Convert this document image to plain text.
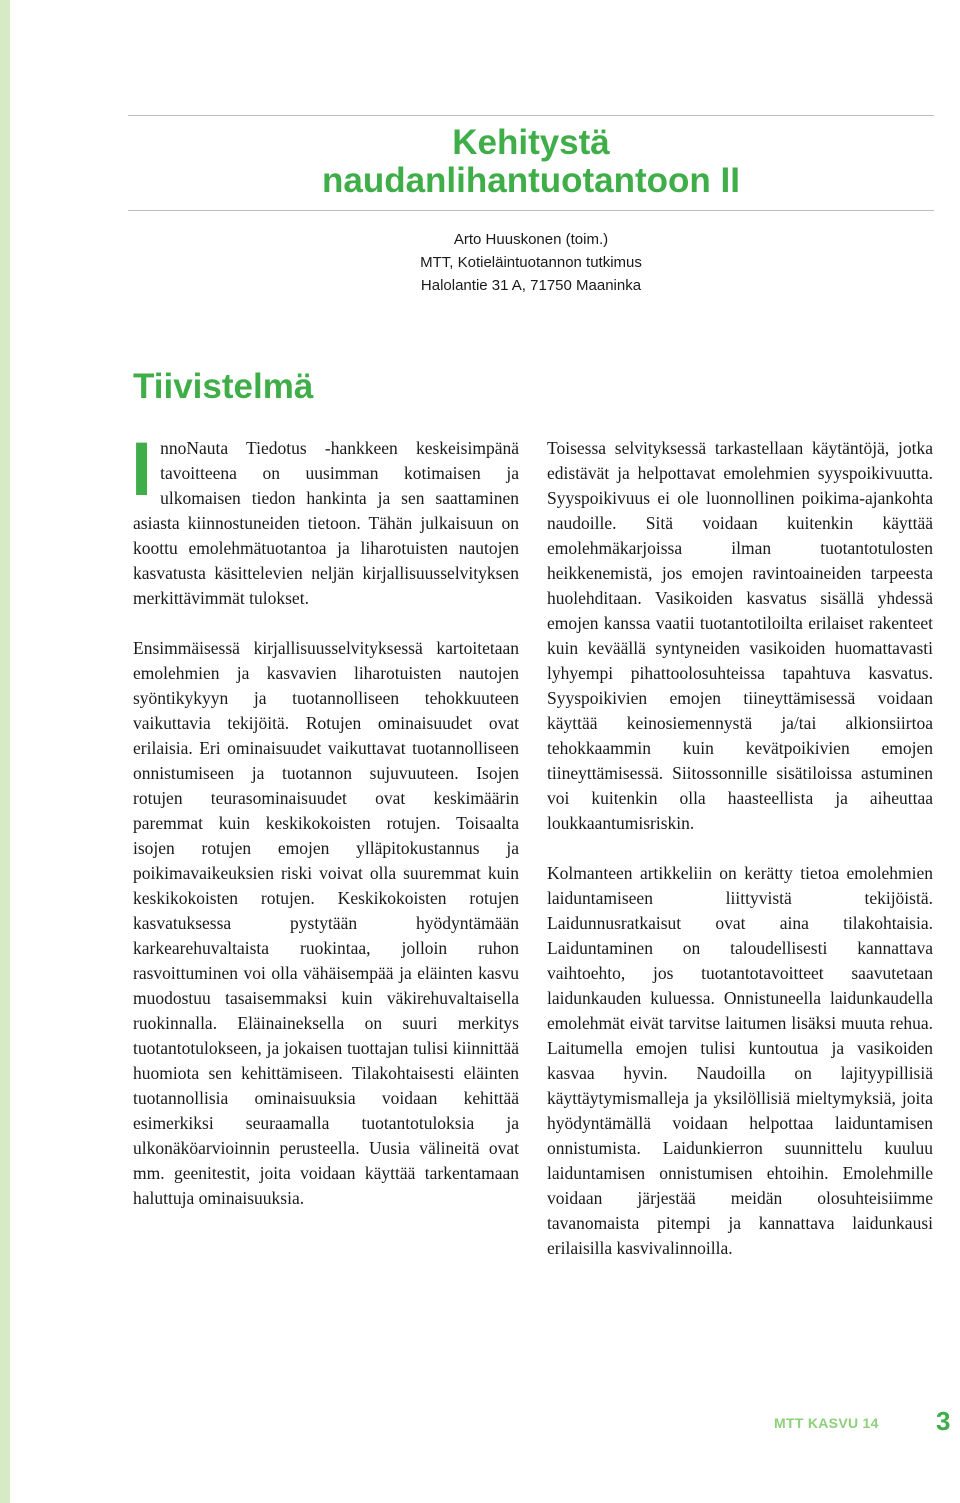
Kehitystä
naudanlihantuotantoon II
Arto Huuskonen (toim.)
MTT, Kotieläintuotannon tutkimus
Halolantie 31 A, 71750 Maaninka
Tiivistelmä

InnoNauta Tiedotus -hankkeen keskeisimpänä tavoitteena on uusimman kotimaisen ja ulkomaisen tiedon hankinta ja sen saattaminen asiasta kiinnostuneiden tietoon. Tähän julkaisuun on koottu emolehmätuotantoa ja liharotuisten nautojen kasvatusta käsittelevien neljän kirjallisuusselvityksen merkittävimmät tulokset.

Ensimmäisessä kirjallisuusselvityksessä kartoitetaan emolehmien ja kasvavien liharotuisten nautojen syöntikykyyn ja tuotannolliseen tehokkuuteen vaikuttavia tekijöitä. Rotujen ominaisuudet ovat erilaisia. Eri ominaisuudet vaikuttavat tuotannolliseen onnistumiseen ja tuotannon sujuvuuteen. Isojen rotujen teurasominaisuudet ovat keskimäärin paremmat kuin keskikokoisten rotujen. Toisaalta isojen rotujen emojen ylläpitokustannus ja poikimavaikeuksien riski voivat olla suuremmat kuin keskikokoisten rotujen. Keskikokoisten rotujen kasvatuksessa pystytään hyödyntämään karkearehuvaltaista ruokintaa, jolloin ruhon rasvoittuminen voi olla vähäisempää ja eläinten kasvu muodostuu tasaisemmaksi kuin väkirehuvaltaisella ruokinnalla. Eläinaineksella on suuri merkitys tuotantotulokseen, ja jokaisen tuottajan tulisi kiinnittää huomiota sen kehittämiseen. Tilakohtaisesti eläinten tuotannollisia ominaisuuksia voidaan kehittää esimerkiksi seuraamalla tuotantotuloksia ja ulkonäköarvioinnin perusteella. Uusia välineitä ovat mm. geenitestit, joita voidaan käyttää tarkentamaan haluttuja ominaisuuksia.

Toisessa selvityksessä tarkastellaan käytäntöjä, jotka edistävät ja helpottavat emolehmien syyspoikivuutta. Syyspoikivuus ei ole luonnollinen poikima-ajankohta naudoille. Sitä voidaan kuitenkin käyttää emolehmäkarjoissa ilman tuotantotulosten heikkenemistä, jos emojen ravintoaineiden tarpeesta huolehditaan. Vasikoiden kasvatus sisällä yhdessä emojen kanssa vaatii tuotantotiloilta erilaiset rakenteet kuin keväällä syntyneiden vasikoiden huomattavasti lyhyempi pihattoolosuhteissa tapahtuva kasvatus. Syyspoikivien emojen tiineyttämisessä voidaan käyttää keinosiemennystä ja/tai alkionsiirtoa tehokkaammin kuin kevätpoikivien emojen tiineyttämisessä. Siitossonnille sisätiloissa astuminen voi kuitenkin olla haasteellista ja aiheuttaa loukkaantumisriskin.

Kolmanteen artikkeliin on kerätty tietoa emolehmien laiduntamiseen liittyvistä tekijöistä. Laidunnusratkaisut ovat aina tilakohtaisia. Laiduntaminen on taloudellisesti kannattava vaihtoehto, jos tuotantotavoitteet saavutetaan laidunkauden kuluessa. Onnistuneella laidunkaudella emolehmät eivät tarvitse laitumen lisäksi muuta rehua. Laitumella emojen tulisi kuntoutua ja vasikoiden kasvaa hyvin. Naudoilla on lajityypillisiä käyttäytymismalleja ja yksilöllisiä mieltymyksiä, joita hyödyntämällä voidaan helpottaa laiduntamisen onnistumista. Laidunkierron suunnittelu kuuluu laiduntamisen onnistumisen ehtoihin. Emolehmille voidaan järjestää meidän olosuhteisiimme tavanomaista pitempi ja kannattava laidunkausi erilaisilla kasvivalinnoilla.

MTT KASVU 14 3
